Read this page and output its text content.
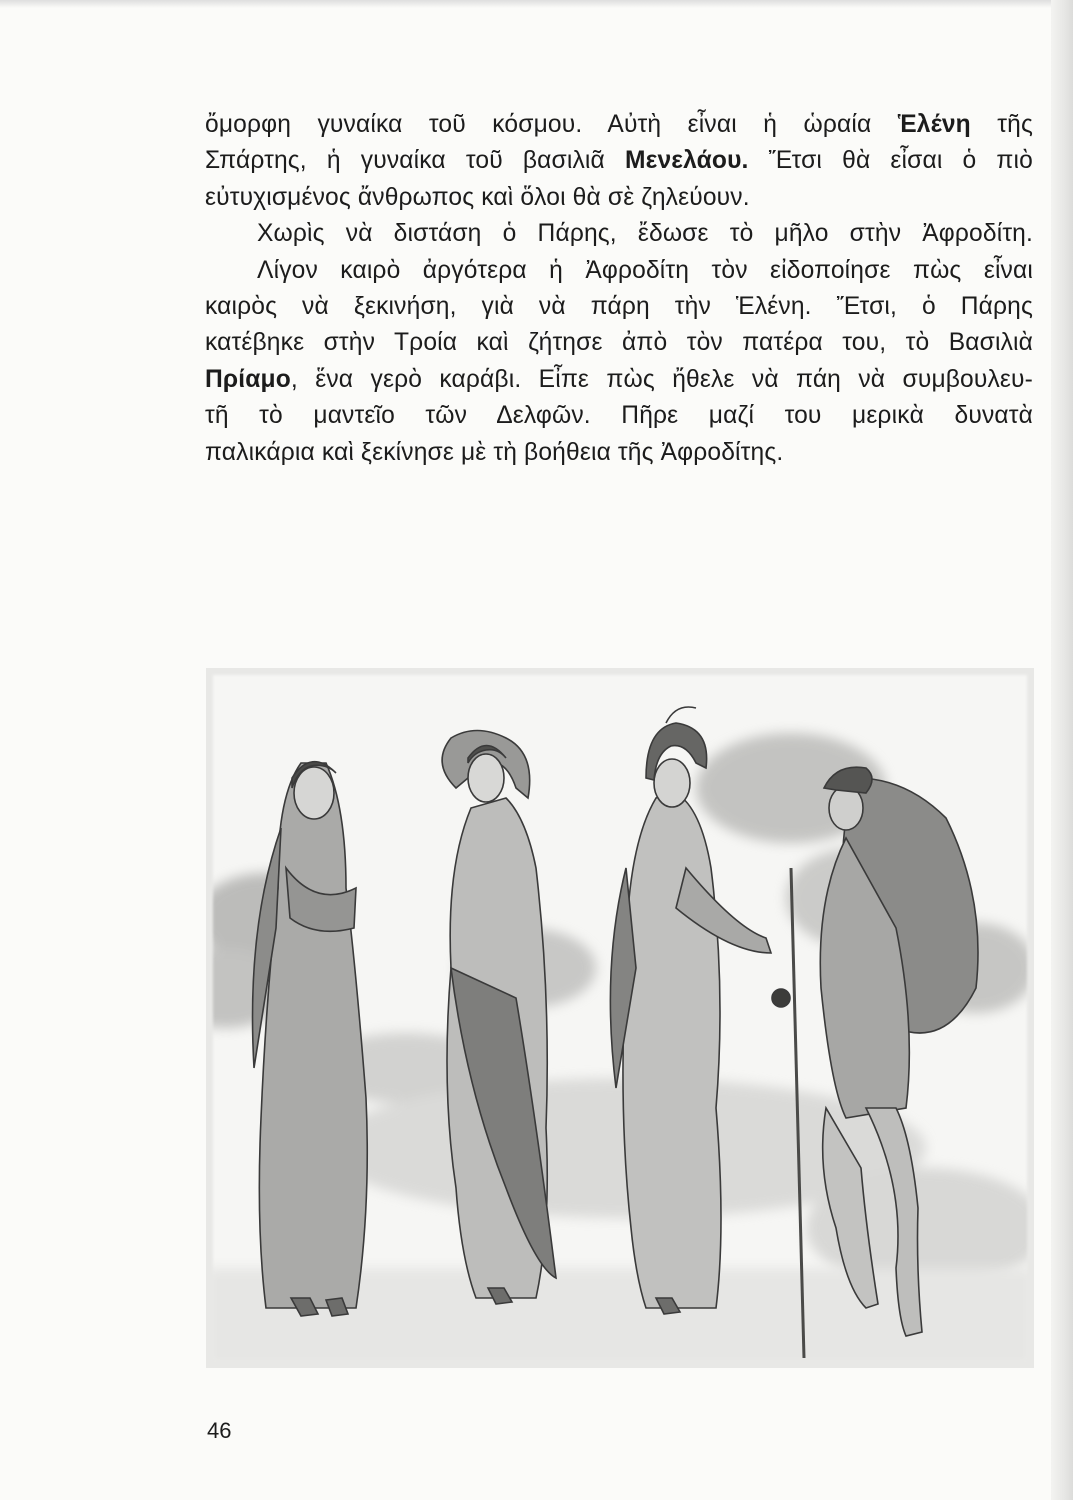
ὄμορφη γυναίκα τοῦ κόσμου. Αὐτὴ εἶναι ἡ ὡραία Ἑλένη τῆς
Σπάρτης, ἡ γυναίκα τοῦ βασιλιᾶ Μενελάου. Ἔτσι θὰ εἶσαι ὁ πιὸ
εὐτυχισμένος ἄνθρωπος καὶ ὅλοι θὰ σὲ ζηλεύουν.
Χωρὶς νὰ διστάση ὁ Πάρης, ἔδωσε τὸ μῆλο στὴν Ἀφροδίτη.
Λίγον καιρὸ ἀργότερα ἡ Ἀφροδίτη τὸν εἰδοποίησε πὼς εἶναι
καιρὸς νὰ ξεκινήση, γιὰ νὰ πάρη τὴν Ἑλένη. Ἔτσι, ὁ Πάρης
κατέβηκε στὴν Τροία καὶ ζήτησε ἀπὸ τὸν πατέρα του, τὸ Βασιλιὰ
Πρίαμο, ἕνα γερὸ καράβι. Εἶπε πὼς ἤθελε νὰ πάη νὰ συμβουλευ-
τῆ τὸ μαντεῖο τῶν Δελφῶν. Πῆρε μαζί του μερικὰ δυνατὰ
παλικάρια καὶ ξεκίνησε μὲ τὴ βοήθεια τῆς Ἀφροδίτης.
46
